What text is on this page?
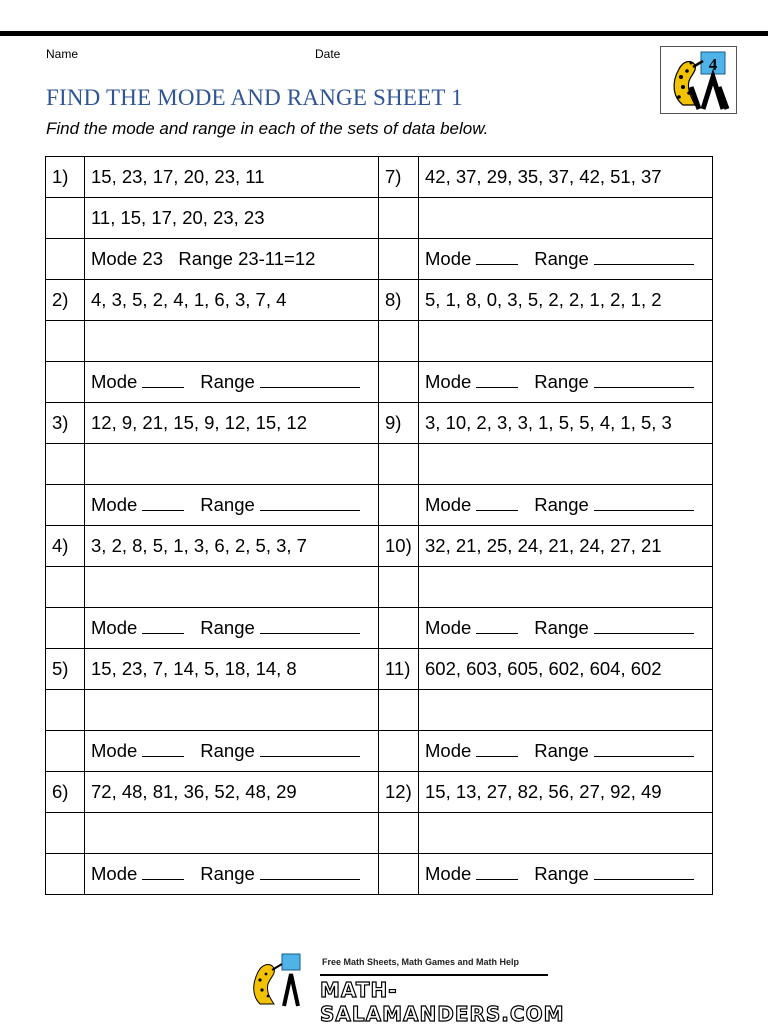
Name	Date
4
FIND THE MODE AND RANGE SHEET 1

Find the mode and range in each of the sets of data below.

1)	15, 23, 17, 20, 23, 11	7)	42, 37, 29, 35, 37, 42, 51, 37
	11, 15, 17, 20, 23, 23		
	Mode 23   Range 23-11=12		Mode Range
2)	4, 3, 5, 2, 4, 1, 6, 3, 7, 4	8)	5, 1, 8, 0, 3, 5, 2, 2, 1, 2, 1, 2

	Mode Range		Mode Range
3)	12, 9, 21, 15, 9, 12, 15, 12	9)	3, 10, 2, 3, 3, 1, 5, 5, 4, 1, 5, 3

	Mode Range		Mode Range
4)	3, 2, 8, 5, 1, 3, 6, 2, 5, 3, 7	10)	32, 21, 25, 24, 21, 24, 27, 21

	Mode Range		Mode Range
5)	15, 23, 7, 14, 5, 18, 14, 8	11)	602, 603, 605, 602, 604, 602

	Mode Range		Mode Range
6)	72, 48, 81, 36, 52, 48, 29	12)	15, 13, 27, 82, 56, 27, 92, 49

	Mode Range		Mode Range
Free Math Sheets, Math Games and Math Help
MATH-SALAMANDERS.COM
